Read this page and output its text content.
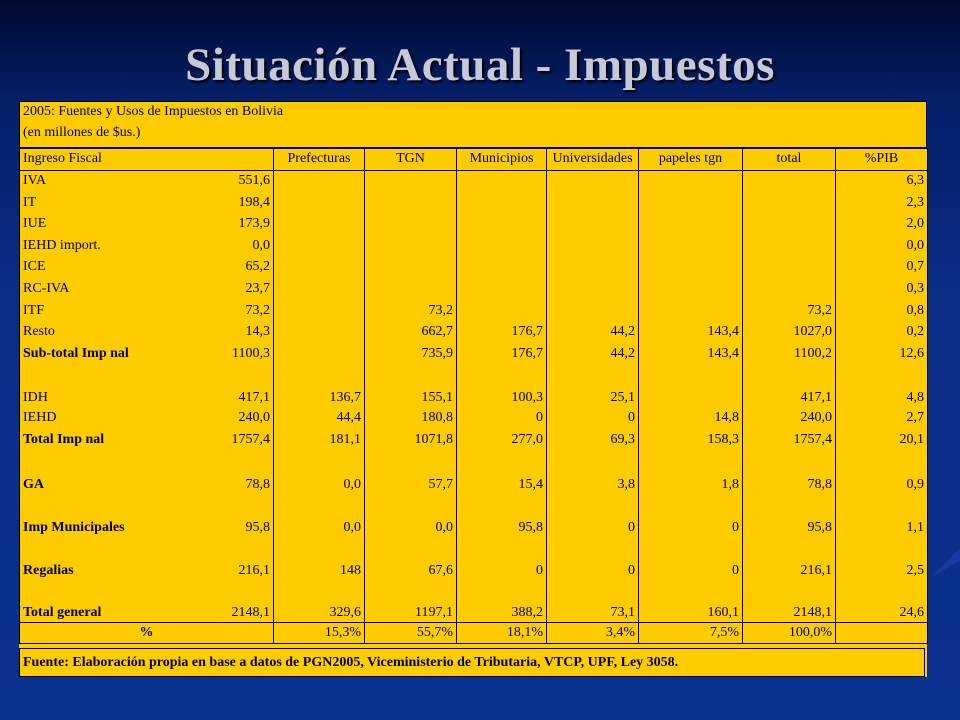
Situación Actual - Impuestos
2005: Fuentes y Usos de Impuestos en Bolivia
(en millones de $us.)
Ingreso Fiscal	Prefecturas	TGN	Municipios	Universidades	papeles tgn	total	%PIB
IVA 551,6							6,3
IT 198,4							2,3
IUE 173,9							2,0
IEHD import. 0,0							0,0
ICE 65,2							0,7
RC-IVA 23,7							0,3
ITF 73,2		73,2				73,2	0,8
Resto 14,3		662,7	176,7	44,2	143,4	1027,0	0,2
Sub-total Imp nal 1100,3		735,9	176,7	44,2	143,4	1100,2	12,6
IDH 417,1	136,7	155,1	100,3	25,1		417,1	4,8
IEHD 240,0	44,4	180,8	0	0	14,8	240,0	2,7
Total Imp nal 1757,4	181,1	1071,8	277,0	69,3	158,3	1757,4	20,1
GA 78,8	0,0	57,7	15,4	3,8	1,8	78,8	0,9
Imp Municipales 95,8	0,0	0,0	95,8	0	0	95,8	1,1
Regalias 216,1	148	67,6	0	0	0	216,1	2,5
Total general 2148,1	329,6	1197,1	388,2	73,1	160,1	2148,1	24,6
%	15,3%	55,7%	18,1%	3,4%	7,5%	100,0%	
Fuente: Elaboración propia en base a datos de PGN2005, Viceministerio de Tributaria, VTCP, UPF, Ley 3058.
